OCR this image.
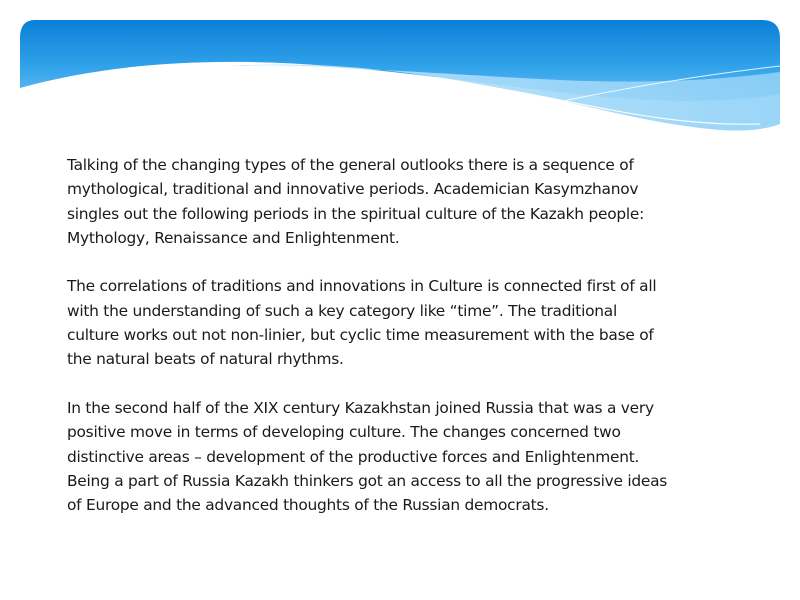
Talking of the changing types of the general outlooks there is a sequence of
mythological, traditional and innovative periods. Academician Kasymzhanov
singles out the following periods in the spiritual culture of the Kazakh people:
Mythology, Renaissance and Enlightenment.

The correlations of traditions and innovations in Culture is connected first of all
with the understanding of such a key category like “time”. The traditional
culture works out not non-linier, but cyclic time measurement with the base of
the natural beats of natural rhythms.

In the second half of the XIX century Kazakhstan joined Russia that was a very
positive move in terms of developing culture. The changes concerned two
distinctive areas – development of the productive forces and Enlightenment.
Being a part of Russia Kazakh thinkers got an access to all the progressive ideas
of Europe and the advanced thoughts of the Russian democrats.
